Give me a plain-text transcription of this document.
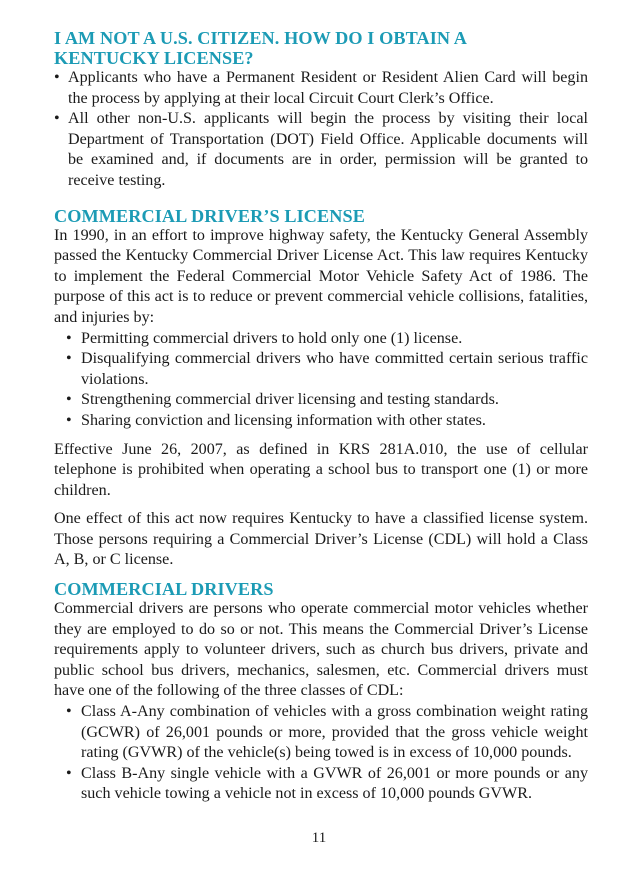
I AM NOT A U.S. CITIZEN. HOW DO I OBTAIN A
KENTUCKY LICENSE?
• Applicants who have a Permanent Resident or Resident Alien Card will begin the process by applying at their local Circuit Court Clerk’s Office.
• All other non-U.S. applicants will begin the process by visiting their local Department of Transportation (DOT) Field Office. Applicable documents will be examined and, if documents are in order, permission will be granted to receive testing.
COMMERCIAL DRIVER’S LICENSE

In 1990, in an effort to improve highway safety, the Kentucky General Assembly passed the Kentucky Commercial Driver License Act. This law requires Kentucky to implement the Federal Commercial Motor Vehicle Safety Act of 1986. The purpose of this act is to reduce or prevent commercial vehicle collisions, fatalities, and injuries by:

• Permitting commercial drivers to hold only one (1) license.
• Disqualifying commercial drivers who have committed certain serious traffic violations.
• Strengthening commercial driver licensing and testing standards.
• Sharing conviction and licensing information with other states.

Effective June 26, 2007, as defined in KRS 281A.010, the use of cellular telephone is prohibited when operating a school bus to transport one (1) or more children.

One effect of this act now requires Kentucky to have a classified license system. Those persons requiring a Commercial Driver’s License (CDL) will hold a Class A, B, or C license.

COMMERCIAL DRIVERS

Commercial drivers are persons who operate commercial motor vehicles whether they are employed to do so or not. This means the Commercial Driver’s License requirements apply to volunteer drivers, such as church bus drivers, private and public school bus drivers, mechanics, salesmen, etc. Commercial drivers must have one of the following of the three classes of CDL:

• Class A-Any combination of vehicles with a gross combination weight rating (GCWR) of 26,001 pounds or more, provided that the gross vehicle weight rating (GVWR) of the vehicle(s) being towed is in excess of 10,000 pounds.
• Class B-Any single vehicle with a GVWR of 26,001 or more pounds or any such vehicle towing a vehicle not in excess of 10,000 pounds GVWR.
11
